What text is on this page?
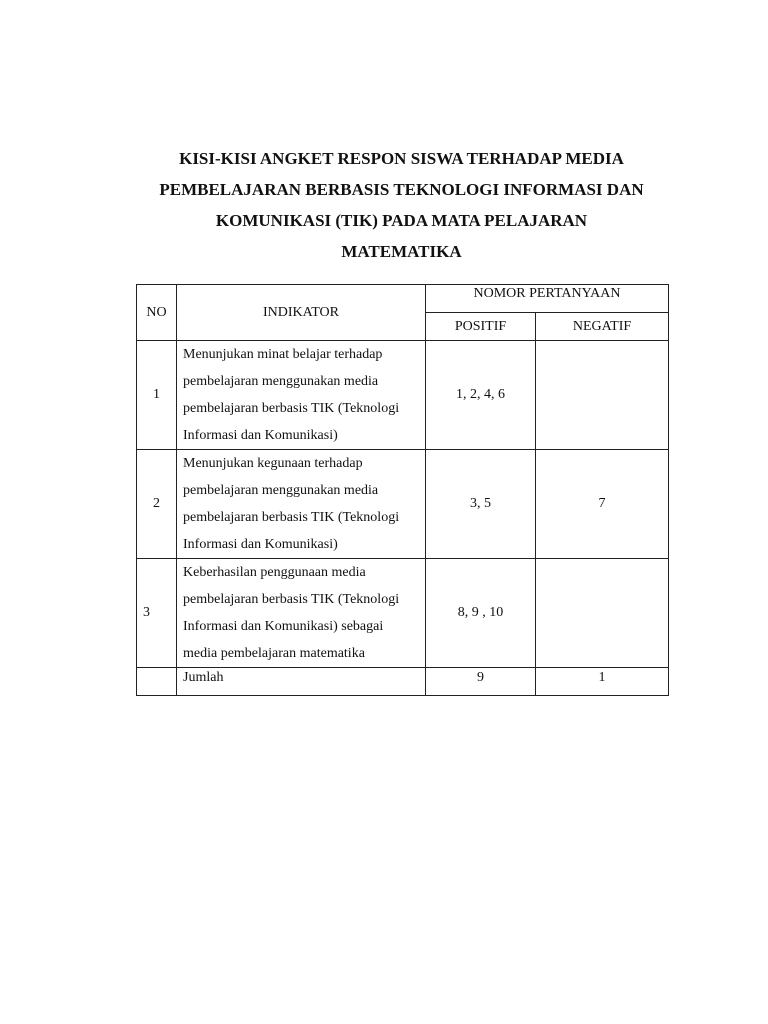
KISI-KISI ANGKET RESPON SISWA TERHADAP MEDIA
PEMBELAJARAN BERBASIS TEKNOLOGI INFORMASI DAN
KOMUNIKASI (TIK) PADA MATA PELAJARAN
MATEMATIKA
NO	INDIKATOR	NOMOR PERTANYAAN	
		POSITIF	NEGATIF
1	Menunjukan minat belajar terhadap
pembelajaran menggunakan media
pembelajaran berbasis TIK (Teknologi
Informasi dan Komunikasi)	1, 2, 4, 6	
2	Menunjukan kegunaan terhadap
pembelajaran menggunakan media
pembelajaran berbasis TIK (Teknologi
Informasi dan Komunikasi)	3, 5	7
3	Keberhasilan penggunaan media
pembelajaran berbasis TIK (Teknologi
Informasi dan Komunikasi) sebagai
media pembelajaran matematika	8, 9 , 10	
	Jumlah	9	1
